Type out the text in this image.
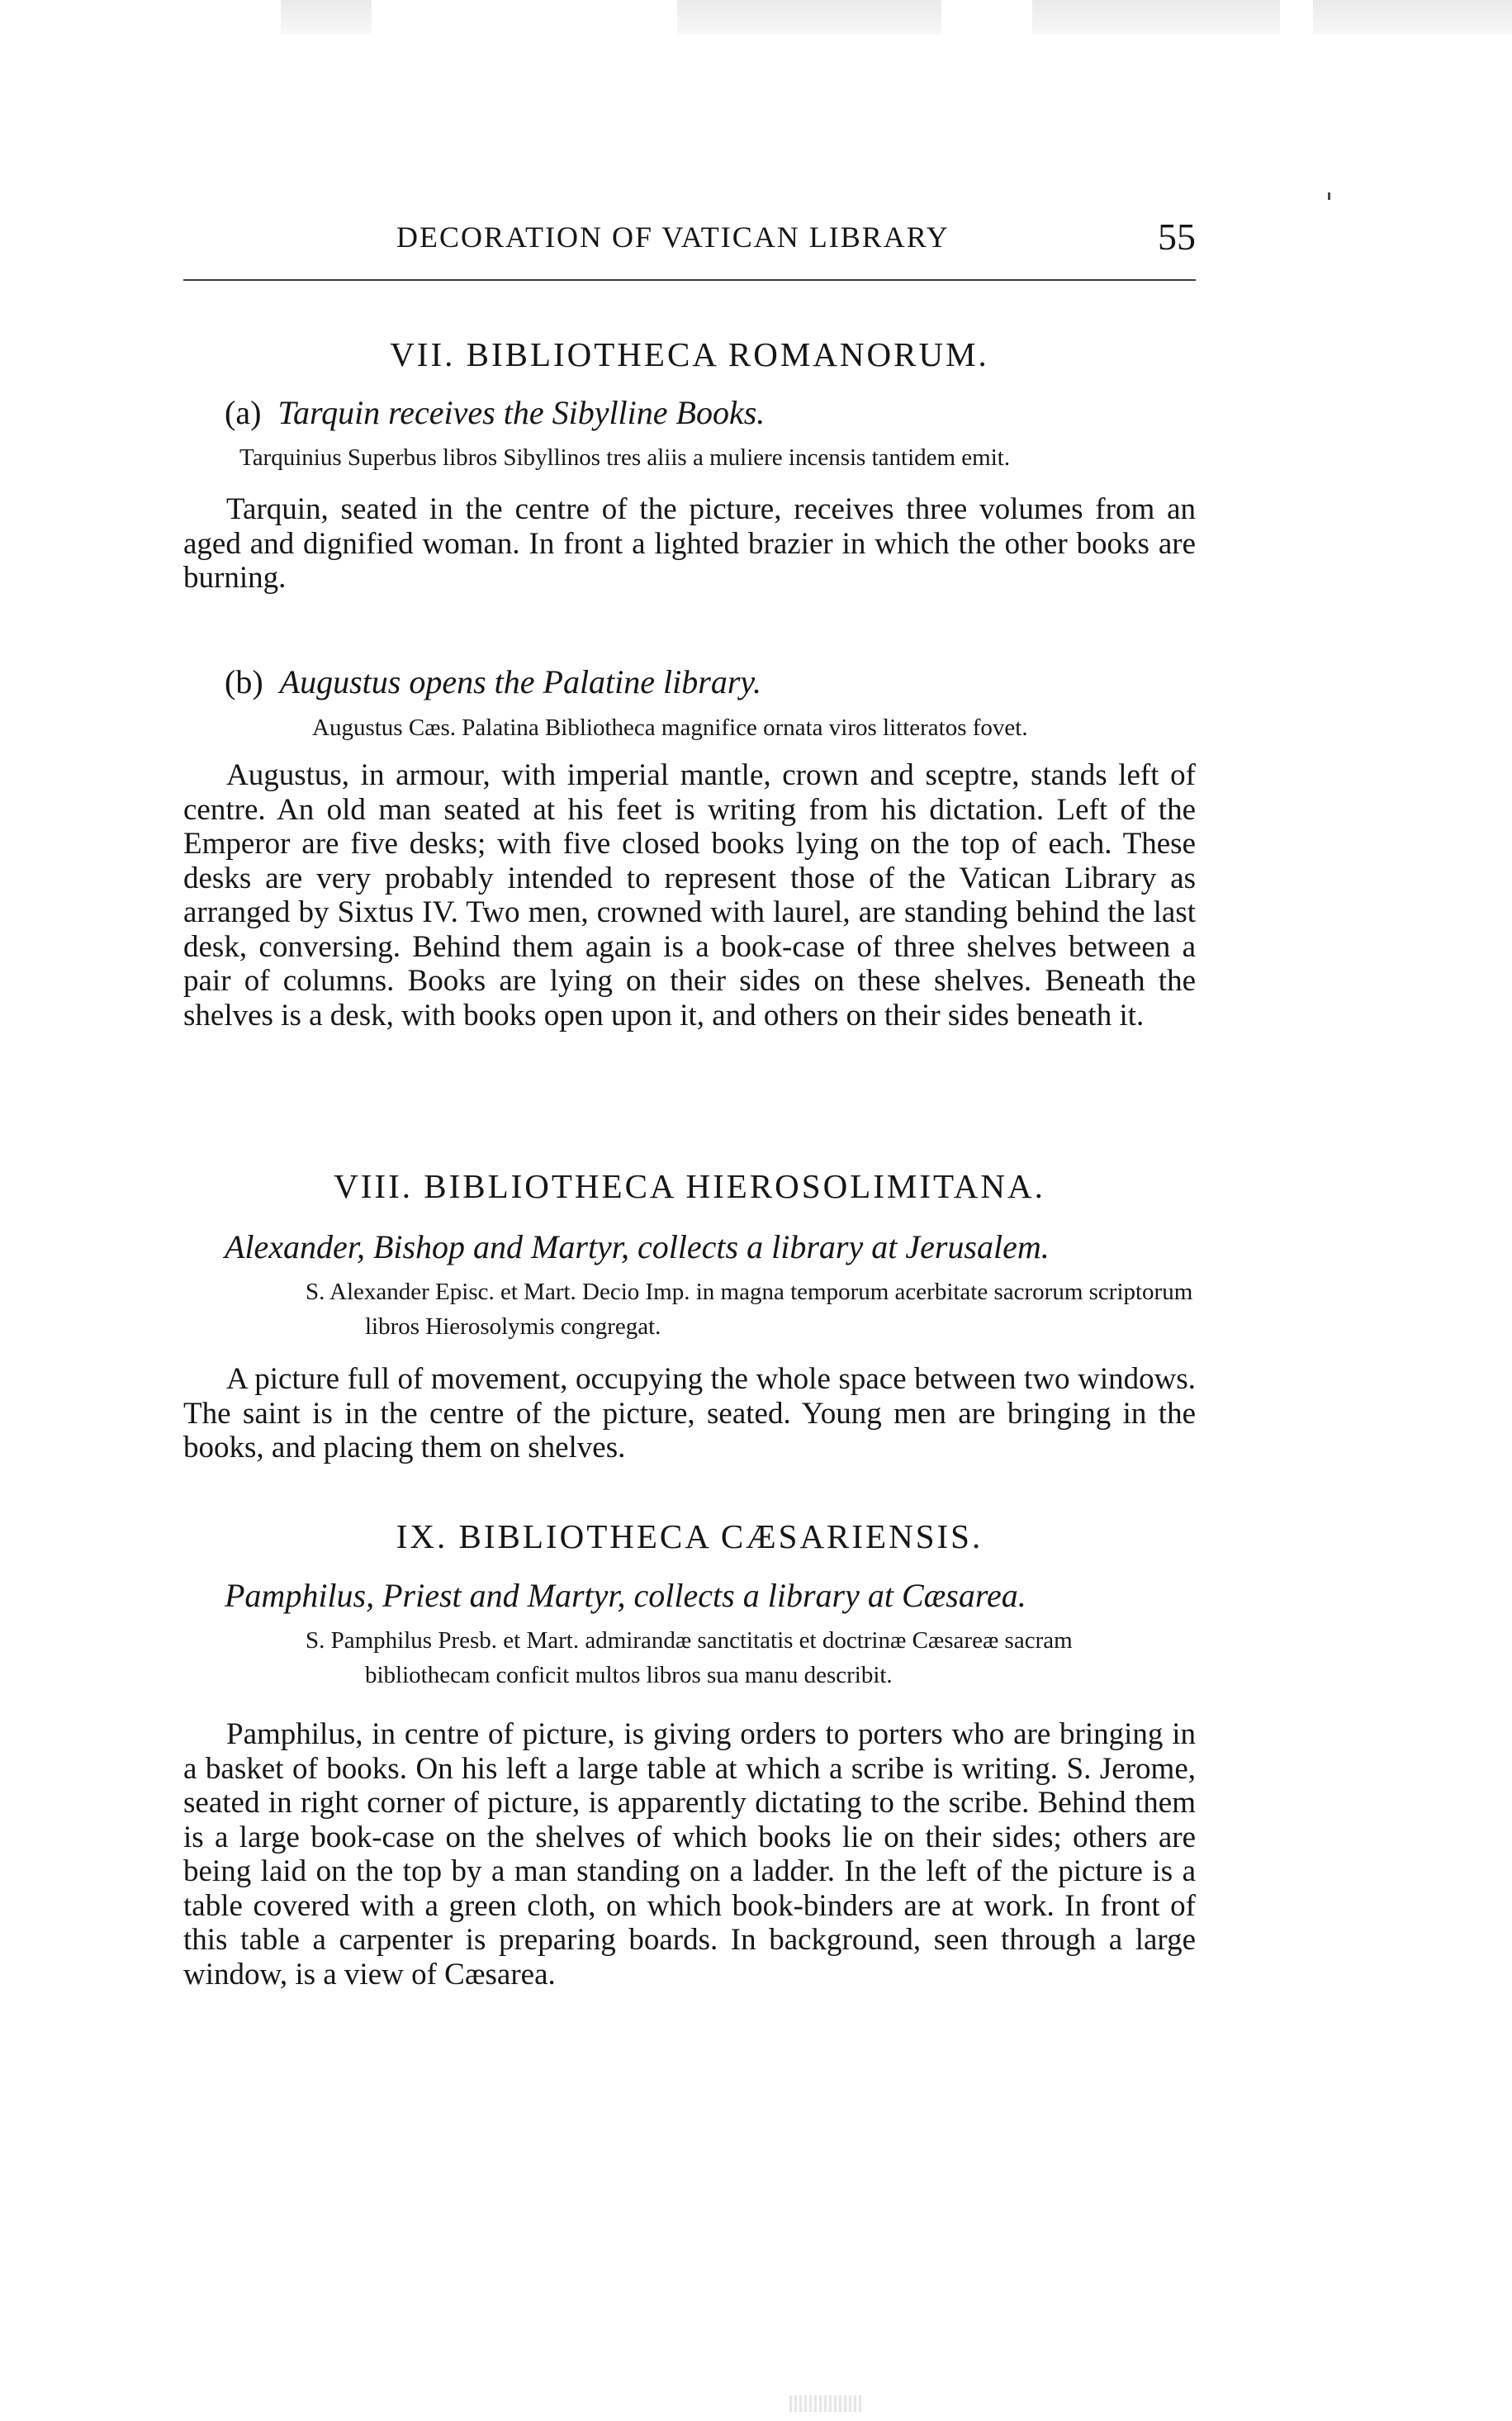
DECORATION OF VATICAN LIBRARY	55
VII. BIBLIOTHECA ROMANORUM.

(a) Tarquin receives the Sibylline Books.

Tarquinius Superbus libros Sibyllinos tres aliis a muliere incensis tantidem emit.

Tarquin, seated in the centre of the picture, receives three volumes from an aged and dignified woman. In front a lighted brazier in which the other books are burning.

(b) Augustus opens the Palatine library.

Augustus Cæs. Palatina Bibliotheca magnifice ornata viros litteratos fovet.

Augustus, in armour, with imperial mantle, crown and sceptre, stands left of centre. An old man seated at his feet is writing from his dictation. Left of the Emperor are five desks; with five closed books lying on the top of each. These desks are very probably intended to represent those of the Vatican Library as arranged by Sixtus IV. Two men, crowned with laurel, are standing behind the last desk, conversing. Behind them again is a book-case of three shelves between a pair of columns. Books are lying on their sides on these shelves. Beneath the shelves is a desk, with books open upon it, and others on their sides beneath it.

VIII. BIBLIOTHECA HIEROSOLIMITANA.

Alexander, Bishop and Martyr, collects a library at Jerusalem.

S. Alexander Episc. et Mart. Decio Imp. in magna temporum acerbitate sacrorum scriptorum libros Hierosolymis congregat.

A picture full of movement, occupying the whole space between two windows. The saint is in the centre of the picture, seated. Young men are bringing in the books, and placing them on shelves.

IX. BIBLIOTHECA CÆSARIENSIS.

Pamphilus, Priest and Martyr, collects a library at Cæsarea.

S. Pamphilus Presb. et Mart. admirandæ sanctitatis et doctrinæ Cæsareæ sacram bibliothecam conficit multos libros sua manu describit.

Pamphilus, in centre of picture, is giving orders to porters who are bringing in a basket of books. On his left a large table at which a scribe is writing. S. Jerome, seated in right corner of picture, is apparently dictating to the scribe. Behind them is a large book-case on the shelves of which books lie on their sides; others are being laid on the top by a man standing on a ladder. In the left of the picture is a table covered with a green cloth, on which book-binders are at work. In front of this table a carpenter is preparing boards. In background, seen through a large window, is a view of Cæsarea.
